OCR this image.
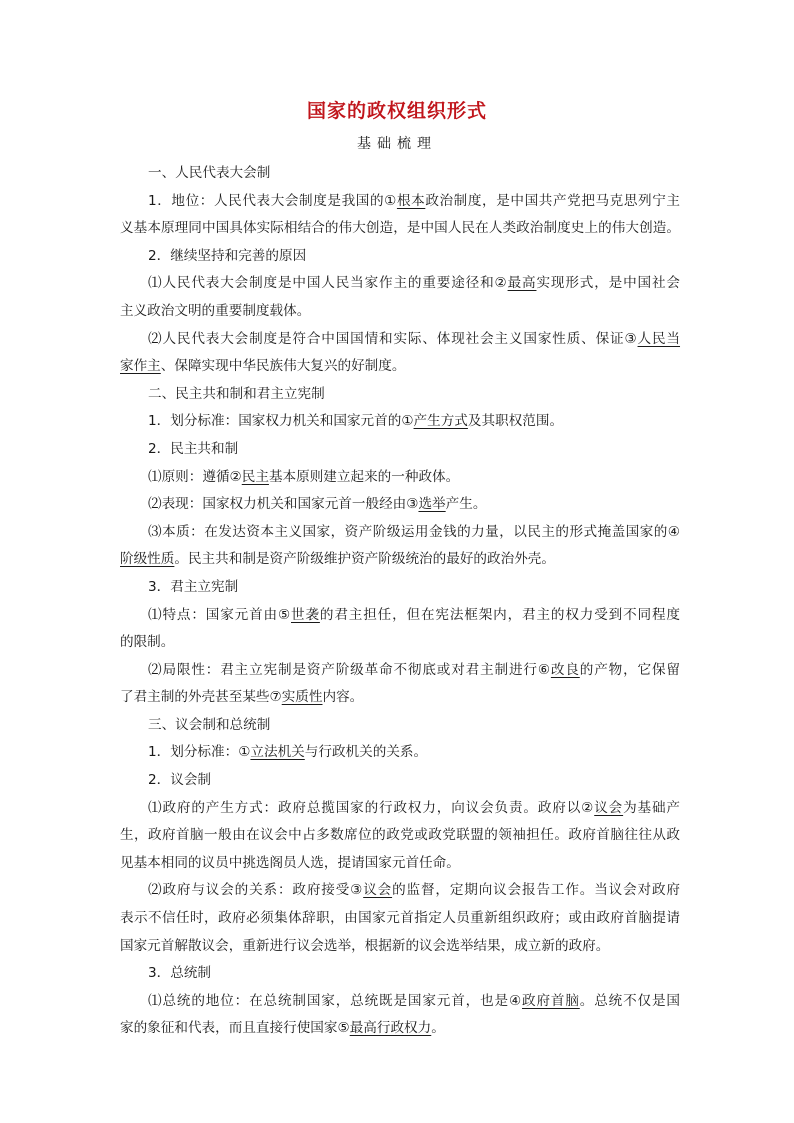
国家的政权组织形式
基础梳理
一、人民代表大会制
1．地位：人民代表大会制度是我国的①根本政治制度，是中国共产党把马克思列宁主
义基本原理同中国具体实际相结合的伟大创造，是中国人民在人类政治制度史上的伟大创造。
2．继续坚持和完善的原因
⑴人民代表大会制度是中国人民当家作主的重要途径和②最高实现形式，是中国社会
主义政治文明的重要制度载体。
⑵人民代表大会制度是符合中国国情和实际、体现社会主义国家性质、保证③人民当
家作主、保障实现中华民族伟大复兴的好制度。
二、民主共和制和君主立宪制
1．划分标准：国家权力机关和国家元首的①产生方式及其职权范围。
2．民主共和制
⑴原则：遵循②民主基本原则建立起来的一种政体。
⑵表现：国家权力机关和国家元首一般经由③选举产生。
⑶本质：在发达资本主义国家，资产阶级运用金钱的力量，以民主的形式掩盖国家的④
阶级性质。民主共和制是资产阶级维护资产阶级统治的最好的政治外壳。
3．君主立宪制
⑴特点：国家元首由⑤世袭的君主担任，但在宪法框架内，君主的权力受到不同程度
的限制。
⑵局限性：君主立宪制是资产阶级革命不彻底或对君主制进行⑥改良的产物，它保留
了君主制的外壳甚至某些⑦实质性内容。
三、议会制和总统制
1．划分标准：①立法机关与行政机关的关系。
2．议会制
⑴政府的产生方式：政府总揽国家的行政权力，向议会负责。政府以②议会为基础产
生，政府首脑一般由在议会中占多数席位的政党或政党联盟的领袖担任。政府首脑往往从政
见基本相同的议员中挑选阁员人选，提请国家元首任命。
⑵政府与议会的关系：政府接受③议会的监督，定期向议会报告工作。当议会对政府
表示不信任时，政府必须集体辞职，由国家元首指定人员重新组织政府；或由政府首脑提请
国家元首解散议会，重新进行议会选举，根据新的议会选举结果，成立新的政府。
3．总统制
⑴总统的地位：在总统制国家，总统既是国家元首，也是④政府首脑。总统不仅是国
家的象征和代表，而且直接行使国家⑤最高行政权力。
